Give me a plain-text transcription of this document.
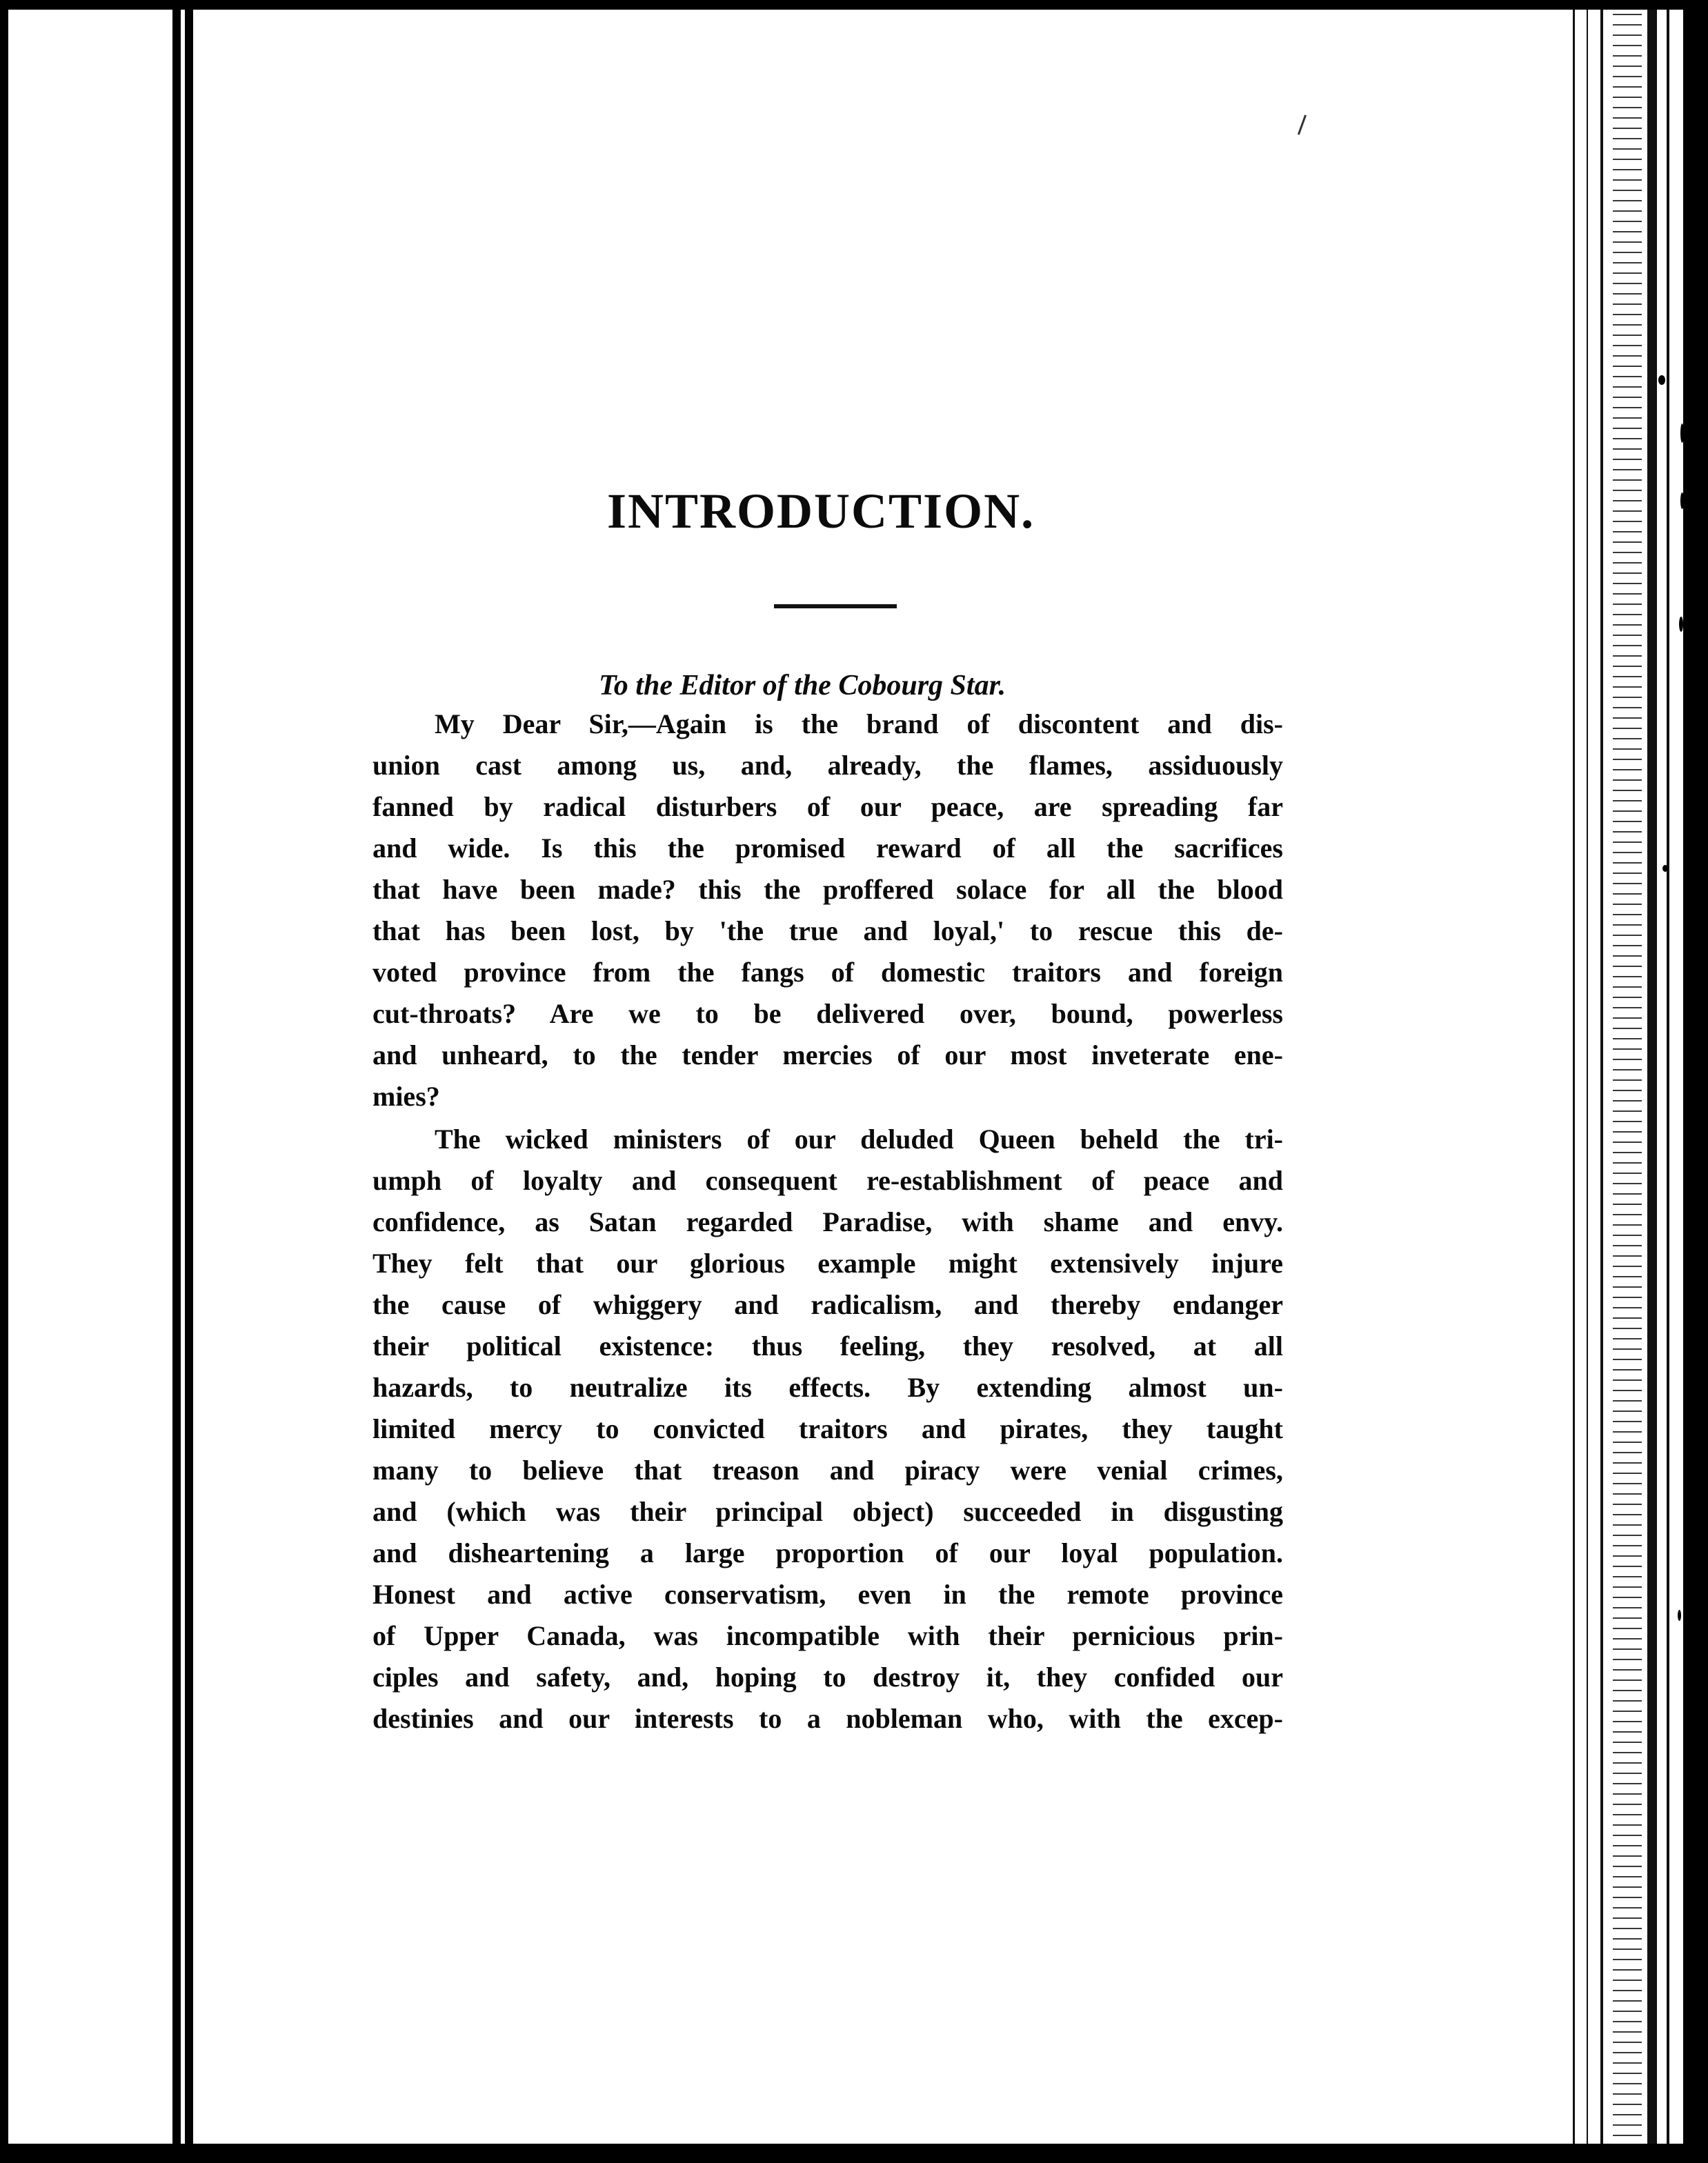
INTRODUCTION.
To the Editor of the Cobourg Star.
My Dear Sir,—Again is the brand of discontent and dis-
union cast among us, and, already, the flames, assiduously
fanned by radical disturbers of our peace, are spreading far
and wide. Is this the promised reward of all the sacrifices
that have been made? this the proffered solace for all the blood
that has been lost, by 'the true and loyal,' to rescue this de-
voted province from the fangs of domestic traitors and foreign
cut-throats? Are we to be delivered over, bound, powerless
and unheard, to the tender mercies of our most inveterate ene-
mies?
The wicked ministers of our deluded Queen beheld the tri-
umph of loyalty and consequent re-establishment of peace and
confidence, as Satan regarded Paradise, with shame and envy.
They felt that our glorious example might extensively injure
the cause of whiggery and radicalism, and thereby endanger
their political existence: thus feeling, they resolved, at all
hazards, to neutralize its effects. By extending almost un-
limited mercy to convicted traitors and pirates, they taught
many to believe that treason and piracy were venial crimes,
and (which was their principal object) succeeded in disgusting
and disheartening a large proportion of our loyal population.
Honest and active conservatism, even in the remote province
of Upper Canada, was incompatible with their pernicious prin-
ciples and safety, and, hoping to destroy it, they confided our
destinies and our interests to a nobleman who, with the excep-
